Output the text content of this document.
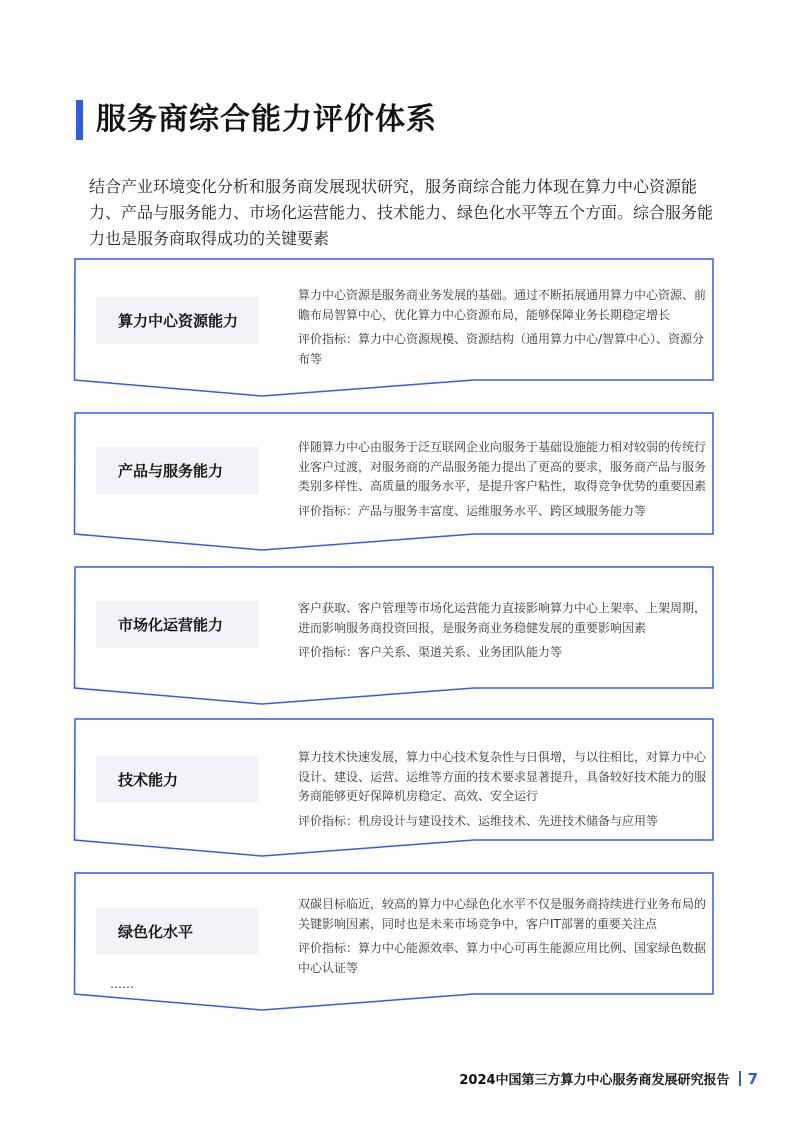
服务商综合能力评价体系
结合产业环境变化分析和服务商发展现状研究，服务商综合能力体现在算力中心资源能力、产品与服务能力、市场化运营能力、技术能力、绿色化水平等五个方面。综合服务能力也是服务商取得成功的关键要素
算力中心资源能力

算力中心资源是服务商业务发展的基础。通过不断拓展通用算力中心资源、前瞻布局智算中心，优化算力中心资源布局，能够保障业务长期稳定增长

评价指标：算力中心资源规模、资源结构（通用算力中心/智算中心）、资源分布等

产品与服务能力

伴随算力中心由服务于泛互联网企业向服务于基础设施能力相对较弱的传统行业客户过渡，对服务商的产品服务能力提出了更高的要求，服务商产品与服务类别多样性、高质量的服务水平，是提升客户粘性，取得竞争优势的重要因素

评价指标：产品与服务丰富度、运维服务水平、跨区域服务能力等

市场化运营能力

客户获取、客户管理等市场化运营能力直接影响算力中心上架率、上架周期，进而影响服务商投资回报，是服务商业务稳健发展的重要影响因素

评价指标：客户关系、渠道关系、业务团队能力等

技术能力

算力技术快速发展，算力中心技术复杂性与日俱增，与以往相比，对算力中心设计、建设、运营、运维等方面的技术要求显著提升，具备较好技术能力的服务商能够更好保障机房稳定、高效、安全运行

评价指标：机房设计与建设技术、运维技术、先进技术储备与应用等

绿色化水平

双碳目标临近，较高的算力中心绿色化水平不仅是服务商持续进行业务布局的关键影响因素，同时也是未来市场竞争中，客户IT部署的重要关注点

评价指标：算力中心能源效率、算力中心可再生能源应用比例、国家绿色数据中心认证等

……
2024中国第三方算力中心服务商发展研究报告 7
